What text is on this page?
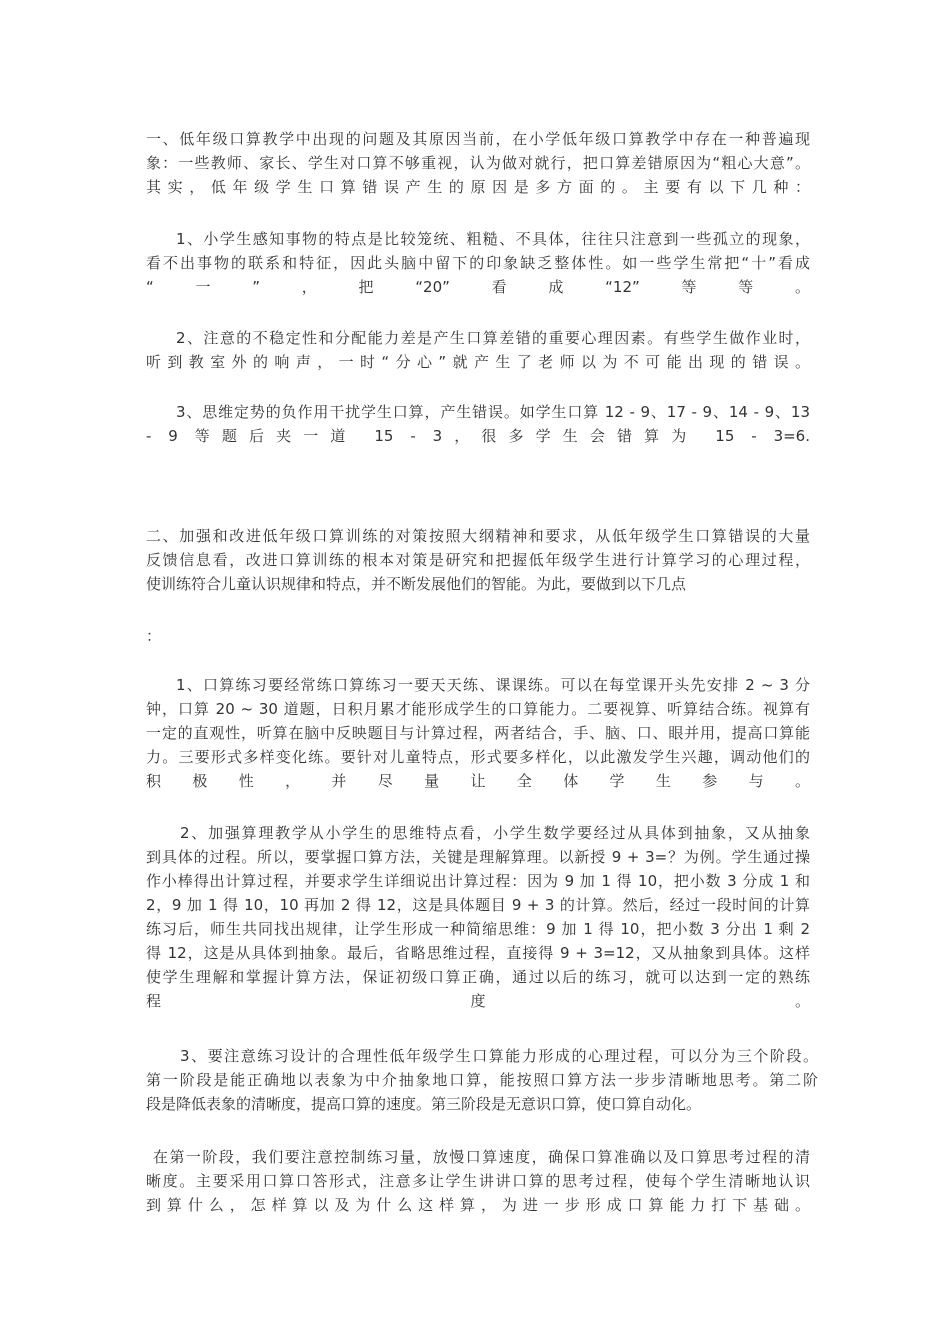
一、低年级口算教学中出现的问题及其原因当前，在小学低年级口算教学中存在一种普遍现
象：一些教师、家长、学生对口算不够重视，认为做对就行，把口算差错原因为“粗心大意”。
其实，低年级学生口算错误产生的原因是多方面的。主要有以下几种：
1、小学生感知事物的特点是比较笼统、粗糙、不具体，往往只注意到一些孤立的现象，
看不出事物的联系和特征，因此头脑中留下的印象缺乏整体性。如一些学生常把“十”看成
“一”，把“20”看成“12”等等。
2、注意的不稳定性和分配能力差是产生口算差错的重要心理因素。有些学生做作业时，
听到教室外的响声，一时“分心”就产生了老师以为不可能出现的错误。
3、思维定势的负作用干扰学生口算，产生错误。如学生口算 12 - 9、17 - 9、14 - 9、13
- 9 等题后夹一道 15 - 3，很多学生会错算为 15 - 3=6.
二、加强和改进低年级口算训练的对策按照大纲精神和要求，从低年级学生口算错误的大量
反馈信息看，改进口算训练的根本对策是研究和把握低年级学生进行计算学习的心理过程，
使训练符合儿童认识规律和特点，并不断发展他们的智能。为此，要做到以下几点
：
1、口算练习要经常练口算练习一要天天练、课课练。可以在每堂课开头先安排 2 ~ 3 分
钟，口算 20 ~ 30 道题，日积月累才能形成学生的口算能力。二要视算、听算结合练。视算有
一定的直观性，听算在脑中反映题目与计算过程，两者结合，手、脑、口、眼并用，提高口算能
力。三要形式多样变化练。要针对儿童特点，形式要多样化，以此激发学生兴趣，调动他们的
积极性，并尽量让全体学生参与。
2、加强算理教学从小学生的思维特点看，小学生数学要经过从具体到抽象，又从抽象
到具体的过程。所以，要掌握口算方法，关键是理解算理。以新授 9 + 3=？为例。学生通过操
作小棒得出计算过程，并要求学生详细说出计算过程：因为 9 加 1 得 10，把小数 3 分成 1 和
2，9 加 1 得 10，10 再加 2 得 12，这是具体题目 9 + 3 的计算。然后，经过一段时间的计算
练习后，师生共同找出规律，让学生形成一种简缩思维：9 加 1 得 10，把小数 3 分出 1 剩 2
得 12，这是从具体到抽象。最后，省略思维过程，直接得 9 + 3=12，又从抽象到具体。这样
使学生理解和掌握计算方法，保证初级口算正确，通过以后的练习，就可以达到一定的熟练
程度。
3、要注意练习设计的合理性低年级学生口算能力形成的心理过程，可以分为三个阶段。
第一阶段是能正确地以表象为中介抽象地口算，能按照口算方法一步步清晰地思考。第二阶
段是降低表象的清晰度，提高口算的速度。第三阶段是无意识口算，使口算自动化。
在第一阶段，我们要注意控制练习量，放慢口算速度，确保口算准确以及口算思考过程的清
晰度。主要采用口算口答形式，注意多让学生讲讲口算的思考过程，使每个学生清晰地认识
到算什么，怎样算以及为什么这样算，为进一步形成口算能力打下基础。
